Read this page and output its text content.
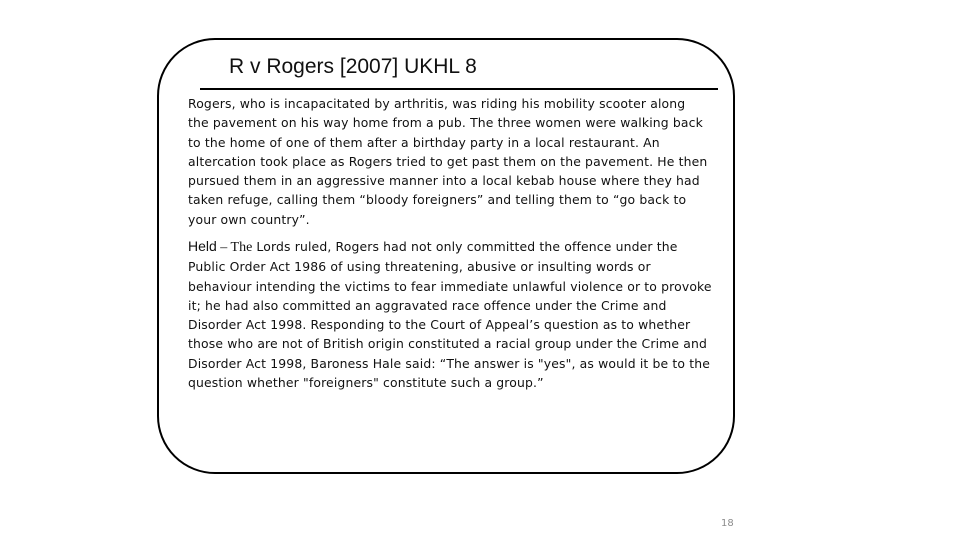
R v Rogers [2007] UKHL 8

Rogers, who is incapacitated by arthritis, was riding his mobility scooter along the pavement on his way home from a pub. The three women were walking back to the home of one of them after a birthday party in a local restaurant. An altercation took place as Rogers tried to get past them on the pavement. He then pursued them in an aggressive manner into a local kebab house where they had taken refuge, calling them “bloody foreigners” and telling them to “go back to your own country”.

Held – The Lords ruled, Rogers had not only committed the offence under the Public Order Act 1986 of using threatening, abusive or insulting words or behaviour intending the victims to fear immediate unlawful violence or to provoke it; he had also committed an aggravated race offence under the Crime and Disorder Act 1998. Responding to the Court of Appeal’s question as to whether those who are not of British origin constituted a racial group under the Crime and Disorder Act 1998, Baroness Hale said: “The answer is "yes", as would it be to the question whether "foreigners" constitute such a group.”

18
